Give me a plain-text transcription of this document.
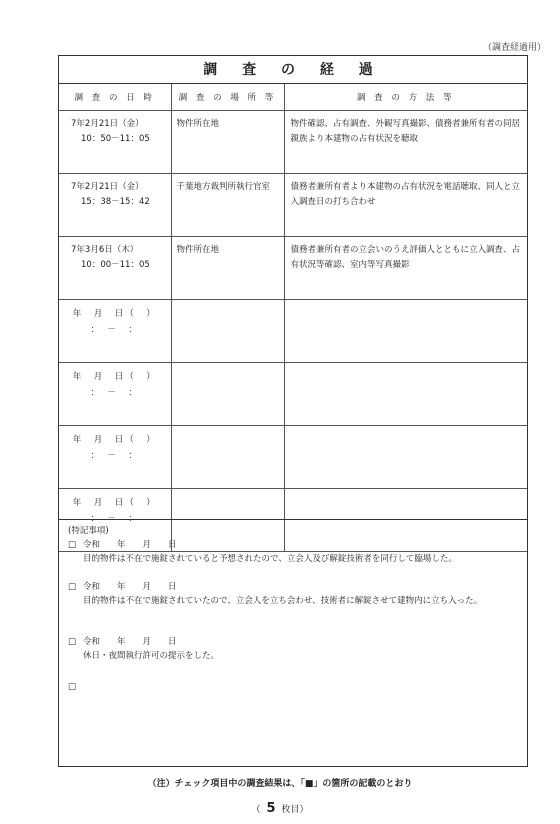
（調査経過用）
調 査 の 経 過
調 査 の 日 時	調 査 の 場 所 等	調 査 の 方 法 等

7年2月21日（金）
10：50－11：05	物件所在地	物件確認、占有調査、外観写真撮影、債務者兼所有者の同居親族より本建物の占有状況を聴取

7年2月21日（金）
15：38－15：42	千葉地方裁判所執行官室	債務者兼所有者より本建物の占有状況を電話聴取、同人と立入調査日の打ち合わせ

7年3月6日（木）
10：00－11：05	物件所在地	債務者兼所有者の立会いのうえ評価人とともに立入調査、占有状況等確認、室内等写真撮影

年　月　日（　）
：　－　：		

年　月　日（　）
：　－　：		

年　月　日（　）
：　－　：		

年　月　日（　）
：　－　：		

(特記事項)
□ 令和　　年　　月　　日
目的物件は不在で施錠されていると予想されたので、立会人及び解錠技術者を同行して臨場した。
□ 令和　　年　　月　　日
目的物件は不在で施錠されていたので、立会人を立ち会わせ、技術者に解錠させて建物内に立ち入った。
□ 令和　　年　　月　　日
休日・夜間執行許可の提示をした。
□
（注）チェック項目中の調査結果は、「■」の箇所の記載のとおり
（ 5 枚目）
